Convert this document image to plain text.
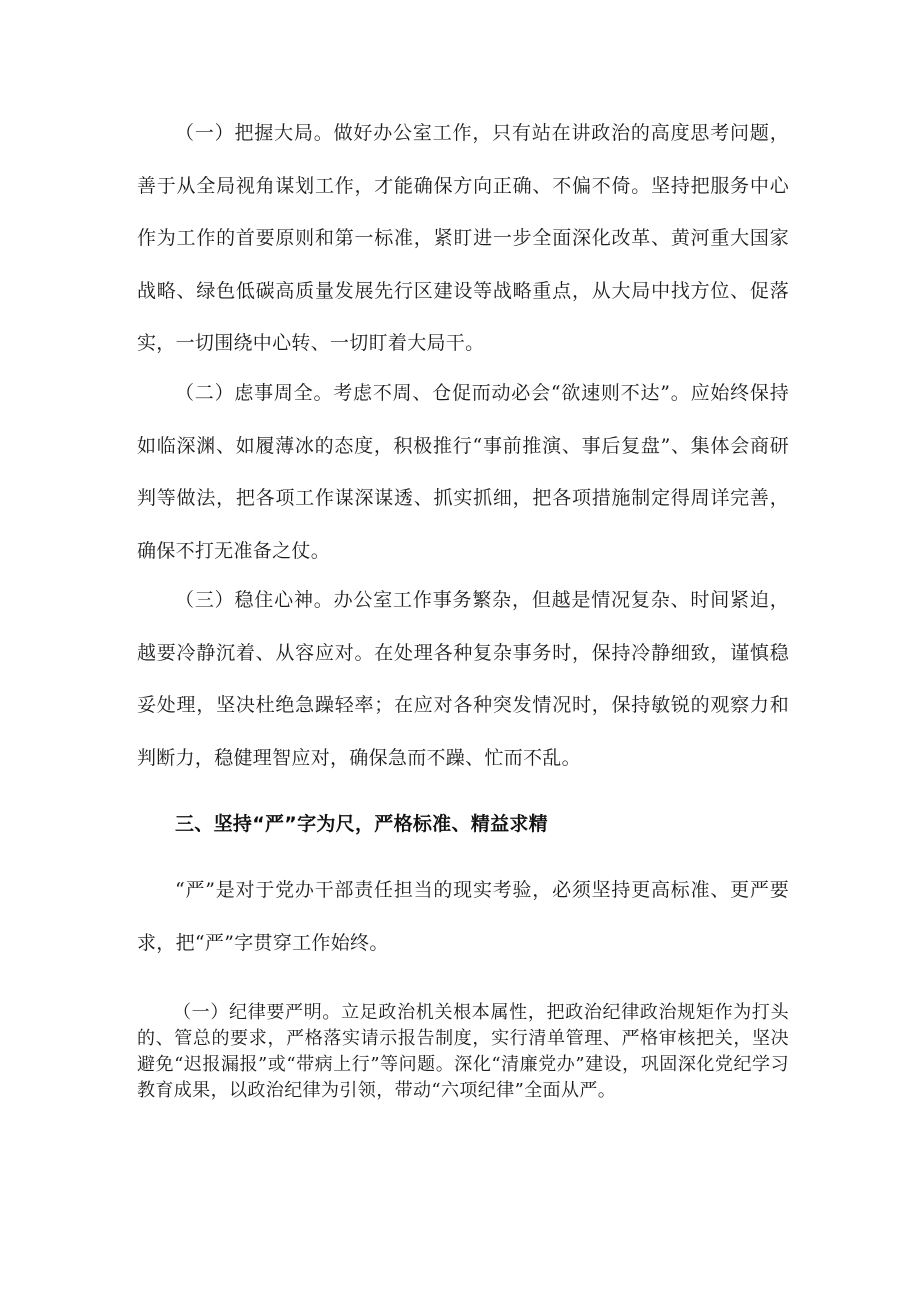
（一）把握大局。做好办公室工作，只有站在讲政治的高度思考问题，善于从全局视角谋划工作，才能确保方向正确、不偏不倚。坚持把服务中心作为工作的首要原则和第一标准，紧盯进一步全面深化改革、黄河重大国家战略、绿色低碳高质量发展先行区建设等战略重点，从大局中找方位、促落实，一切围绕中心转、一切盯着大局干。

（二）虑事周全。考虑不周、仓促而动必会“欲速则不达”。应始终保持如临深渊、如履薄冰的态度，积极推行“事前推演、事后复盘”、集体会商研判等做法，把各项工作谋深谋透、抓实抓细，把各项措施制定得周详完善，确保不打无准备之仗。

（三）稳住心神。办公室工作事务繁杂，但越是情况复杂、时间紧迫，越要冷静沉着、从容应对。在处理各种复杂事务时，保持冷静细致，谨慎稳妥处理，坚决杜绝急躁轻率；在应对各种突发情况时，保持敏锐的观察力和判断力，稳健理智应对，确保急而不躁、忙而不乱。

三、坚持“严”字为尺，严格标准、精益求精

“严”是对于党办干部责任担当的现实考验，必须坚持更高标准、更严要求，把“严”字贯穿工作始终。

（一）纪律要严明。立足政治机关根本属性，把政治纪律政治规矩作为打头的、管总的要求，严格落实请示报告制度，实行清单管理、严格审核把关，坚决避免“迟报漏报”或“带病上行”等问题。深化“清廉党办”建设，巩固深化党纪学习教育成果，以政治纪律为引领，带动“六项纪律”全面从严。
